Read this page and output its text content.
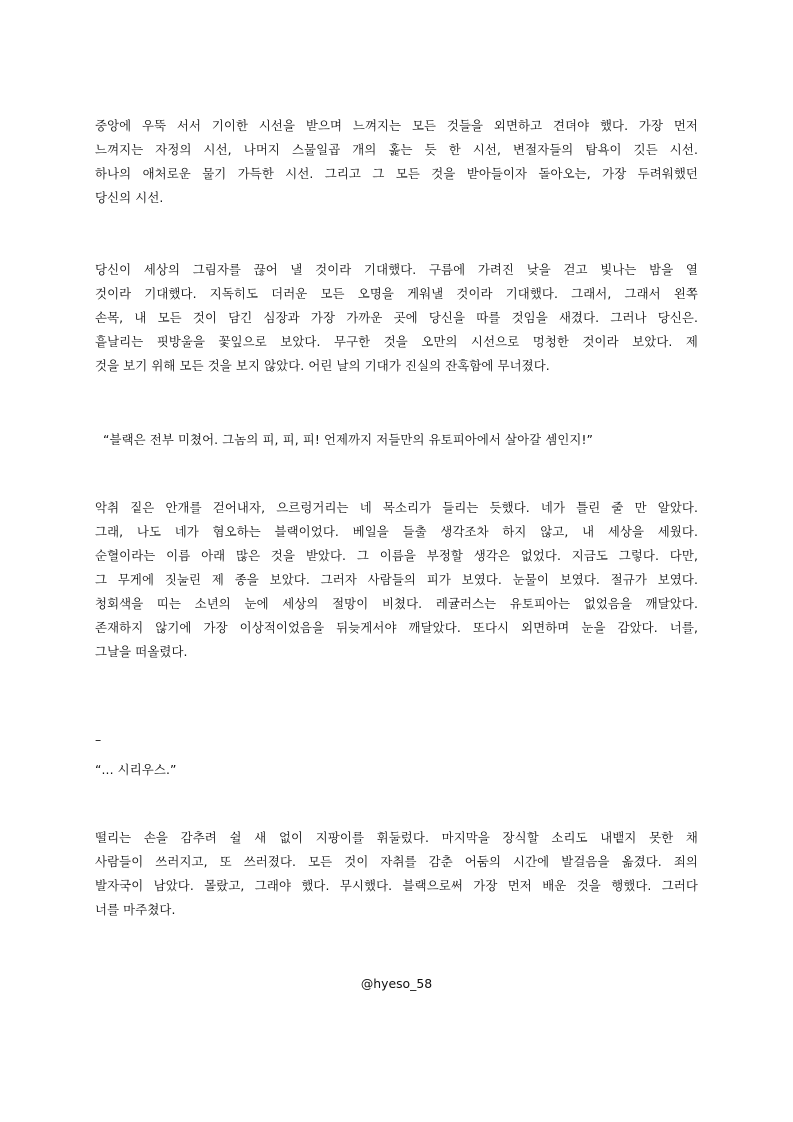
중앙에 우뚝 서서 기이한 시선을 받으며 느껴지는 모든 것들을 외면하고 견뎌야 했다. 가장 먼저
느껴지는 자정의 시선, 나머지 스물일곱 개의 홅는 듯 한 시선, 변절자들의 탐욕이 깃든 시선.
하나의 애처로운 물기 가득한 시선. 그리고 그 모든 것을 받아들이자 돌아오는, 가장 두려워했던
당신의 시선.
당신이 세상의 그림자를 끊어 낼 것이라 기대했다. 구름에 가려진 낮을 걷고 빛나는 밤을 열
것이라 기대했다. 지독히도 더러운 모든 오명을 게워낼 것이라 기대했다. 그래서, 그래서 왼쪽
손목, 내 모든 것이 담긴 심장과 가장 가까운 곳에 당신을 따를 것임을 새겼다. 그러나 당신은.
흩날리는 핏방울을 꽃잎으로 보았다. 무구한 것을 오만의 시선으로 멍청한 것이라 보았다. 제
것을 보기 위해 모든 것을 보지 않았다. 어린 날의 기대가 진실의 잔혹함에 무너졌다.
“블랙은 전부 미쳤어. 그놈의 피, 피, 피! 언제까지 저들만의 유토피아에서 살아갈 셈인지!”
악취 짙은 안개를 걷어내자, 으르렁거리는 네 목소리가 들리는 듯했다. 네가 틀린 줄 만 알았다.
그래, 나도 네가 혐오하는 블랙이었다. 베일을 들출 생각조차 하지 않고, 내 세상을 세웠다.
순혈이라는 이름 아래 많은 것을 받았다. 그 이름을 부정할 생각은 없었다. 지금도 그렇다. 다만,
그 무게에 짓눌린 제 종을 보았다. 그러자 사람들의 피가 보였다. 눈물이 보였다. 절규가 보였다.
청회색을 띠는 소년의 눈에 세상의 절망이 비쳤다. 레귤러스는 유토피아는 없었음을 깨달았다.
존재하지 않기에 가장 이상적이었음을 뒤늦게서야 깨달았다. 또다시 외면하며 눈을 감았다. 너를,
그날을 떠올렸다.
–
“... 시리우스.”
떨리는 손을 감추려 쉴 새 없이 지팡이를 휘둘렀다. 마지막을 장식할 소리도 내뱉지 못한 채
사람들이 쓰러지고, 또 쓰러졌다. 모든 것이 자취를 감춘 어둠의 시간에 발걸음을 옮겼다. 죄의
발자국이 남았다. 몰랐고, 그래야 했다. 무시했다. 블랙으로써 가장 먼저 배운 것을 행했다. 그러다
너를 마주쳤다.
@hyeso_58
